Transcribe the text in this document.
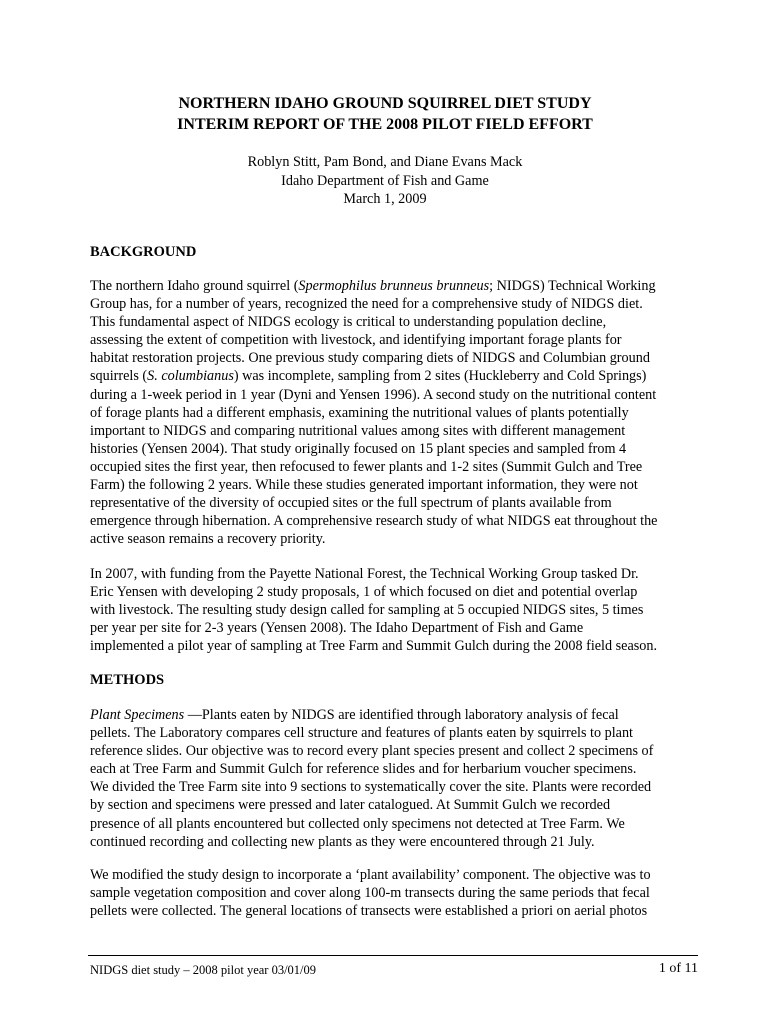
NORTHERN IDAHO GROUND SQUIRREL DIET STUDY
INTERIM REPORT OF THE 2008 PILOT FIELD EFFORT
Roblyn Stitt, Pam Bond, and Diane Evans Mack
Idaho Department of Fish and Game
March 1, 2009
BACKGROUND
The northern Idaho ground squirrel (Spermophilus brunneus brunneus; NIDGS) Technical Working
Group has, for a number of years, recognized the need for a comprehensive study of NIDGS diet.
This fundamental aspect of NIDGS ecology is critical to understanding population decline,
assessing the extent of competition with livestock, and identifying important forage plants for
habitat restoration projects. One previous study comparing diets of NIDGS and Columbian ground
squirrels (S. columbianus) was incomplete, sampling from 2 sites (Huckleberry and Cold Springs)
during a 1-week period in 1 year (Dyni and Yensen 1996). A second study on the nutritional content
of forage plants had a different emphasis, examining the nutritional values of plants potentially
important to NIDGS and comparing nutritional values among sites with different management
histories (Yensen 2004). That study originally focused on 15 plant species and sampled from 4
occupied sites the first year, then refocused to fewer plants and 1-2 sites (Summit Gulch and Tree
Farm) the following 2 years. While these studies generated important information, they were not
representative of the diversity of occupied sites or the full spectrum of plants available from
emergence through hibernation. A comprehensive research study of what NIDGS eat throughout the
active season remains a recovery priority.
In 2007, with funding from the Payette National Forest, the Technical Working Group tasked Dr.
Eric Yensen with developing 2 study proposals, 1 of which focused on diet and potential overlap
with livestock. The resulting study design called for sampling at 5 occupied NIDGS sites, 5 times
per year per site for 2-3 years (Yensen 2008). The Idaho Department of Fish and Game
implemented a pilot year of sampling at Tree Farm and Summit Gulch during the 2008 field season.
METHODS
Plant Specimens —Plants eaten by NIDGS are identified through laboratory analysis of fecal
pellets. The Laboratory compares cell structure and features of plants eaten by squirrels to plant
reference slides. Our objective was to record every plant species present and collect 2 specimens of
each at Tree Farm and Summit Gulch for reference slides and for herbarium voucher specimens.
We divided the Tree Farm site into 9 sections to systematically cover the site. Plants were recorded
by section and specimens were pressed and later catalogued. At Summit Gulch we recorded
presence of all plants encountered but collected only specimens not detected at Tree Farm. We
continued recording and collecting new plants as they were encountered through 21 July.
We modified the study design to incorporate a ‘plant availability’ component. The objective was to
sample vegetation composition and cover along 100-m transects during the same periods that fecal
pellets were collected. The general locations of transects were established a priori on aerial photos
NIDGS diet study – 2008 pilot year 03/01/09	1 of 11
